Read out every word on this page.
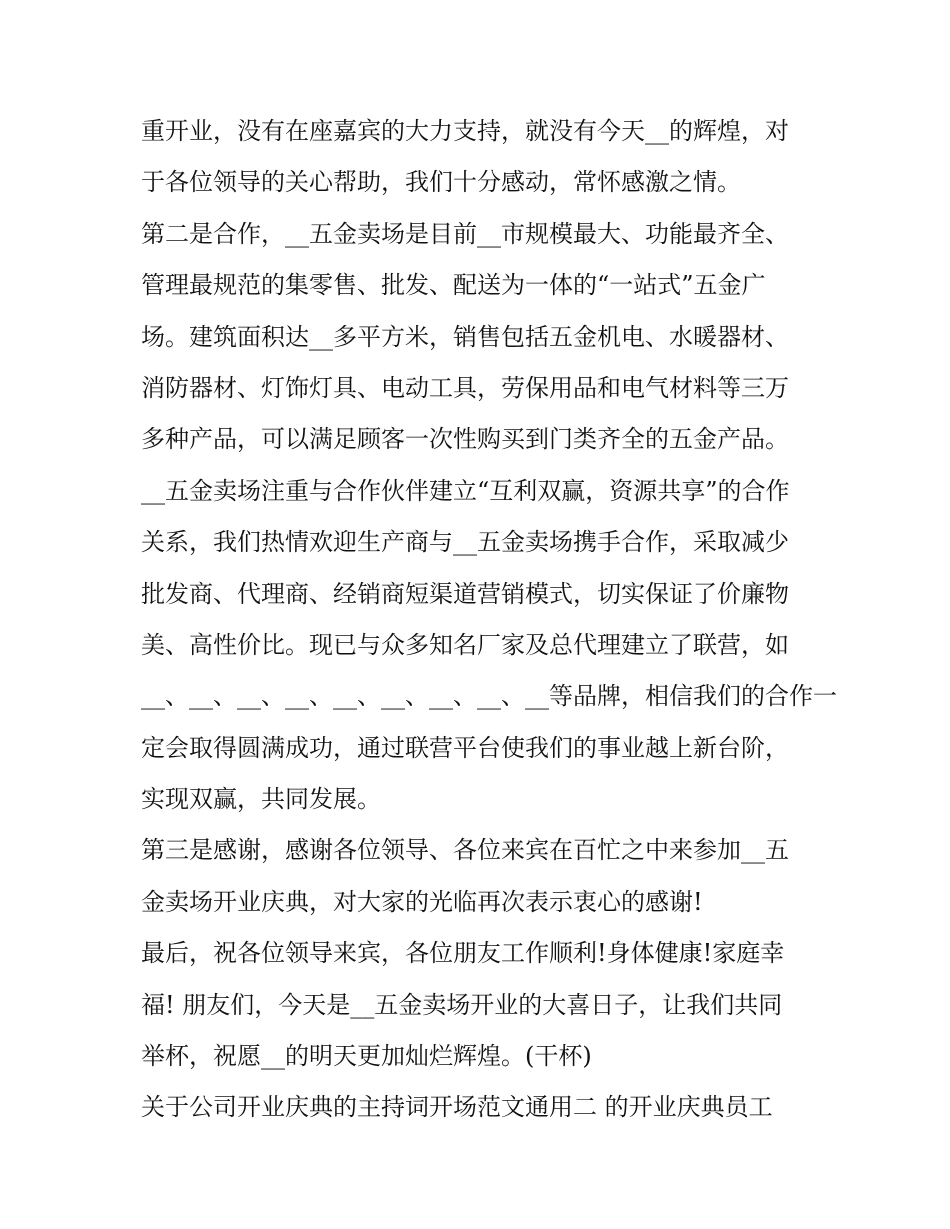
重开业，没有在座嘉宾的大力支持，就没有今天__的辉煌，对
于各位领导的关心帮助，我们十分感动，常怀感激之情。
第二是合作，__五金卖场是目前__市规模最大、功能最齐全、
管理最规范的集零售、批发、配送为一体的“一站式”五金广
场。建筑面积达__多平方米，销售包括五金机电、水暖器材、
消防器材、灯饰灯具、电动工具，劳保用品和电气材料等三万
多种产品，可以满足顾客一次性购买到门类齐全的五金产品。
__五金卖场注重与合作伙伴建立“互利双赢，资源共享”的合作
关系，我们热情欢迎生产商与__五金卖场携手合作，采取减少
批发商、代理商、经销商短渠道营销模式，切实保证了价廉物
美、高性价比。现已与众多知名厂家及总代理建立了联营，如
__、__、__、__、__、__、__、__、__等品牌，相信我们的合作一
定会取得圆满成功，通过联营平台使我们的事业越上新台阶，
实现双赢，共同发展。
第三是感谢，感谢各位领导、各位来宾在百忙之中来参加__五
金卖场开业庆典，对大家的光临再次表示衷心的感谢!
最后，祝各位领导来宾，各位朋友工作顺利!身体健康!家庭幸
福! 朋友们，今天是__五金卖场开业的大喜日子，让我们共同
举杯，祝愿__的明天更加灿烂辉煌。(干杯)
关于公司开业庆典的主持词开场范文通用二 的开业庆典员工
